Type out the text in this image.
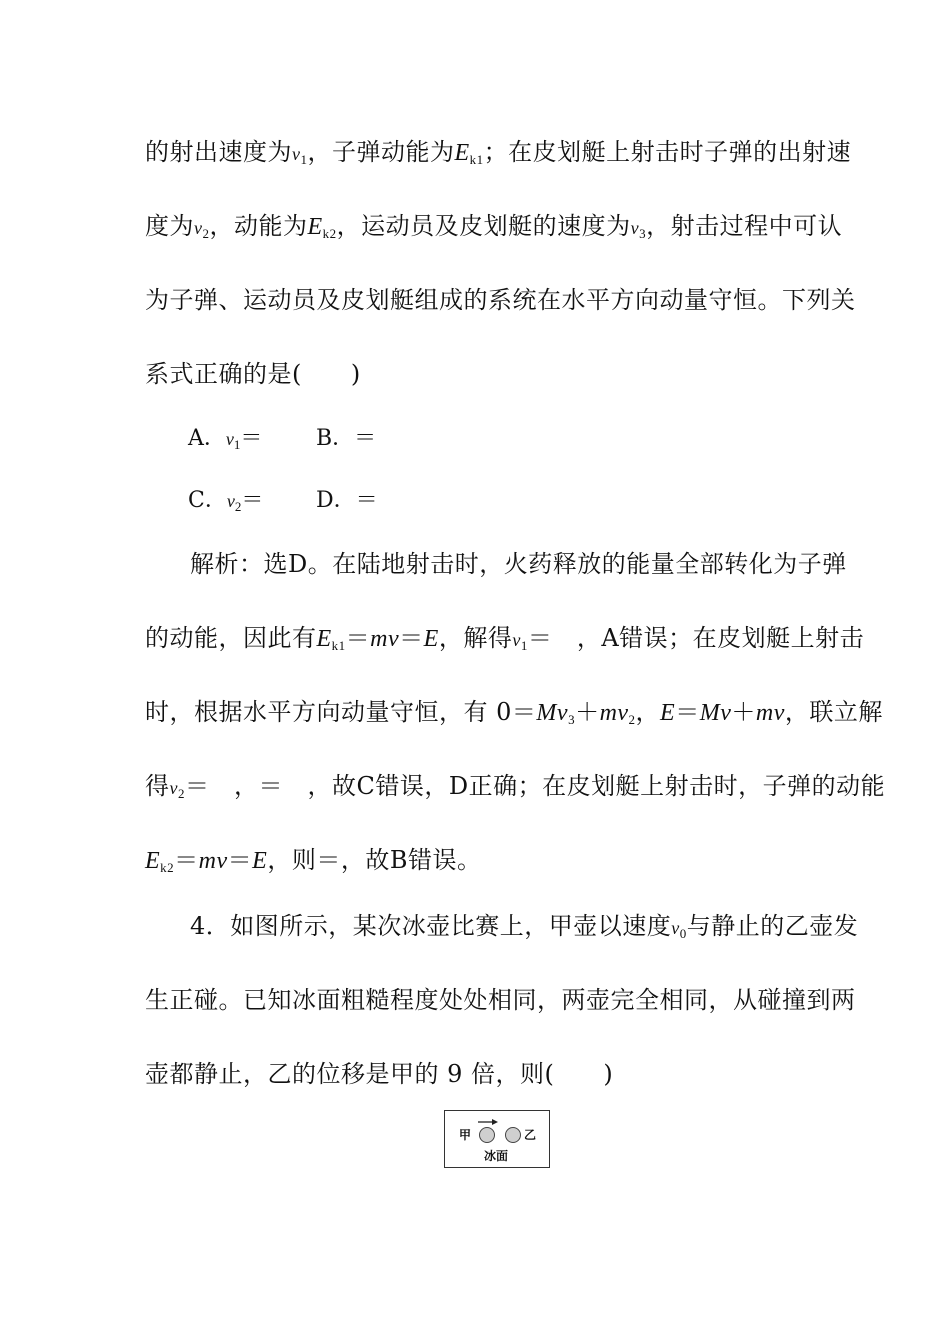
的射出速度为$v_1$，子弹动能为$E_{k1}$；在皮划艇上射击时子弹的出射速
度为$v_2$，动能为$E_{k2}$，运动员及皮划艇的速度为$v_3$，射击过程中可认
为子弹、运动员及皮划艇组成的系统在水平方向动量守恒。下列关
系式正确的是(　　)
A．$v_1= B$．＝
C．$v_2= D$．＝
解析：选D。在陆地射击时，火药释放的能量全部转化为子弹
的动能，因此有$E_{k1}=mv=E$，解得$v_1=$　，A错误；在皮划艇上射击
时，根据水平方向动量守恒，有 $0=Mv_3+mv_2$，E＝Mv＋mv，联立解
得$v_2=$　，＝　，故C错误，D正确；在皮划艇上射击时，子弹的动能
$E_{k2}=mv=E$，则＝，故B错误。
4．如图所示，某次冰壶比赛上，甲壶以速度$v_0$与静止的乙壶发
生正碰。已知冰面粗糙程度处处相同，两壶完全相同，从碰撞到两
壶都静止，乙的位移是甲的 9 倍，则(　　)
甲	乙
冰面
